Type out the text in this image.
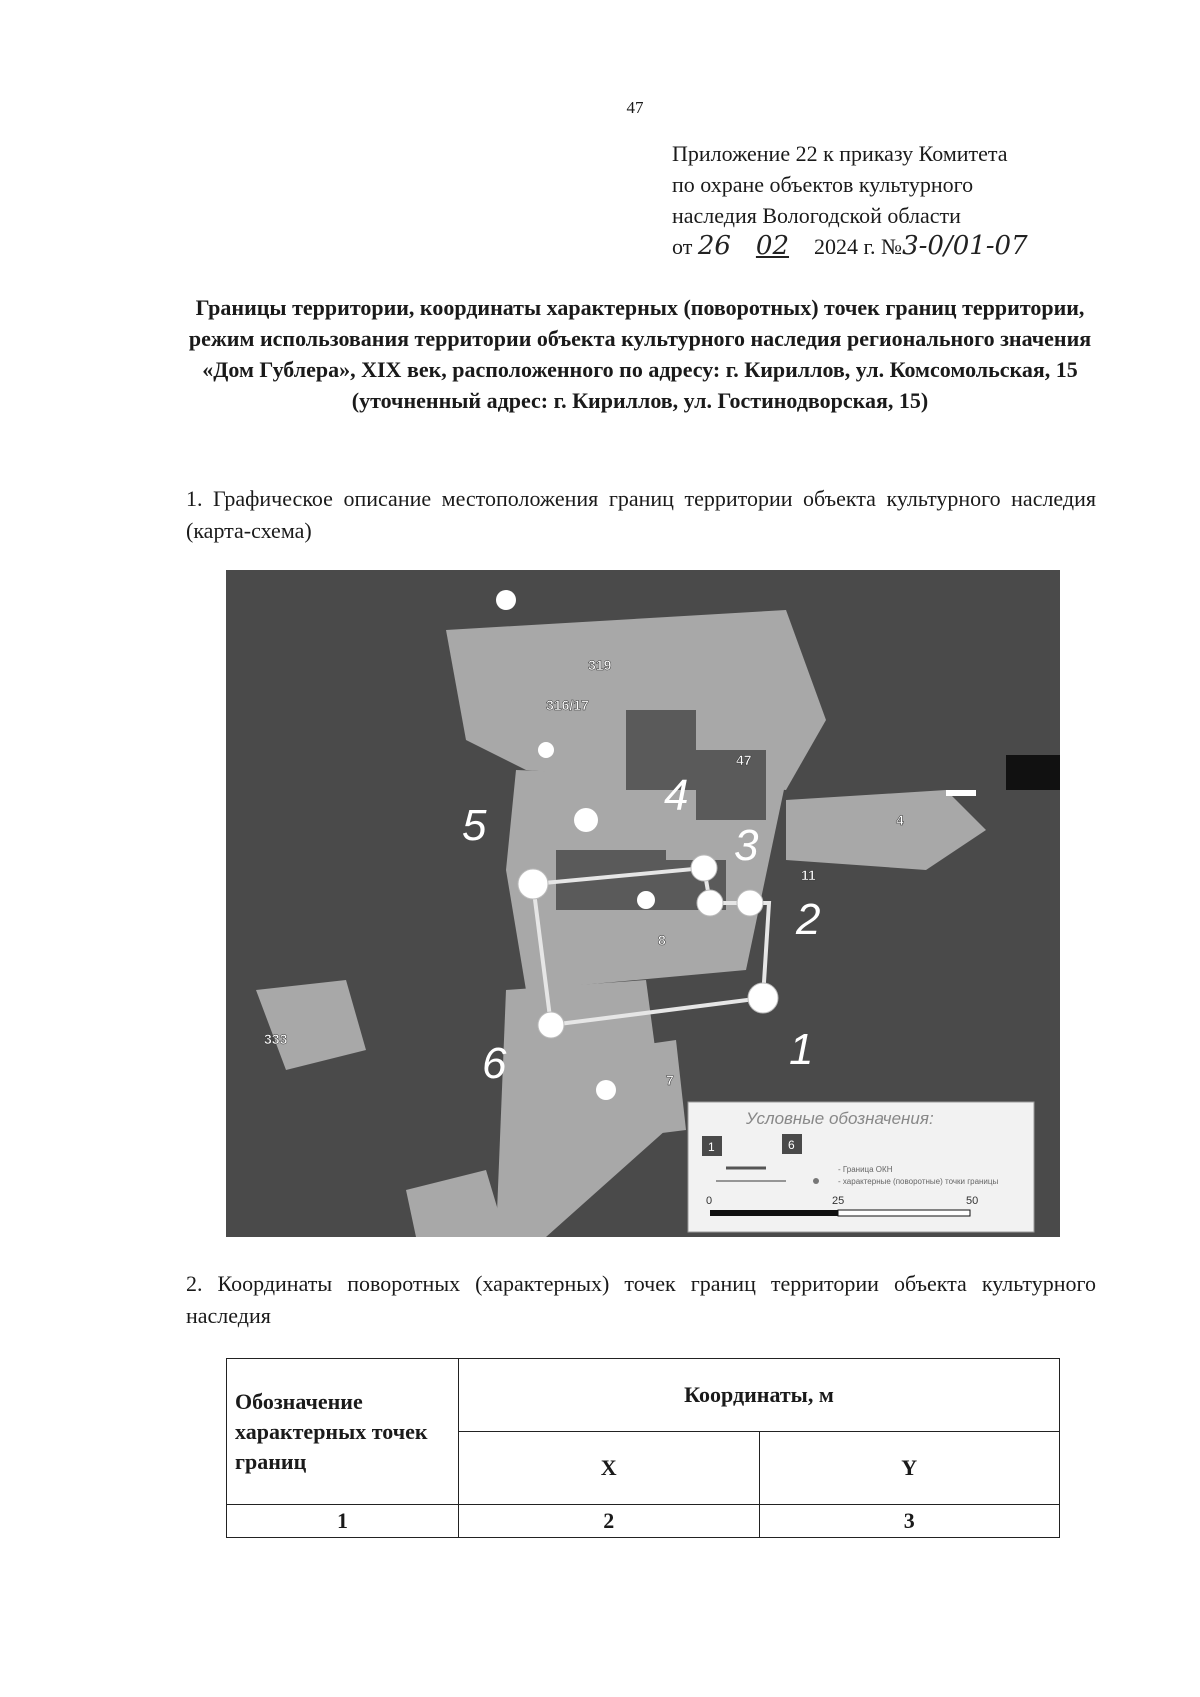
47
Приложение 22 к приказу Комитета
по охране объектов культурного
наследия Вологодской области
от 26 02 2024 г. №3-0/01-07
Границы территории, координаты характерных (поворотных) точек границ территории, режим использования территории объекта культурного наследия регионального значения «Дом Гублера», XIX век, расположенного по адресу: г. Кириллов, ул. Комсомольская, 15 (уточненный адрес: г. Кириллов, ул. Гостинодворская, 15)
1. Графическое описание местоположения границ территории объекта культурного наследия (карта-схема)
319
316/17
47
11
4
8
333
7
1
2
3
4
5
6
Условные обозначения:
1	6
- Граница ОКН
- характерные (поворотные) точки границы
0	25	50
2. Координаты поворотных (характерных) точек границ территории объекта культурного наследия
Обозначение характерных точек границ	Координаты, м	
	X	Y
1	2	3
